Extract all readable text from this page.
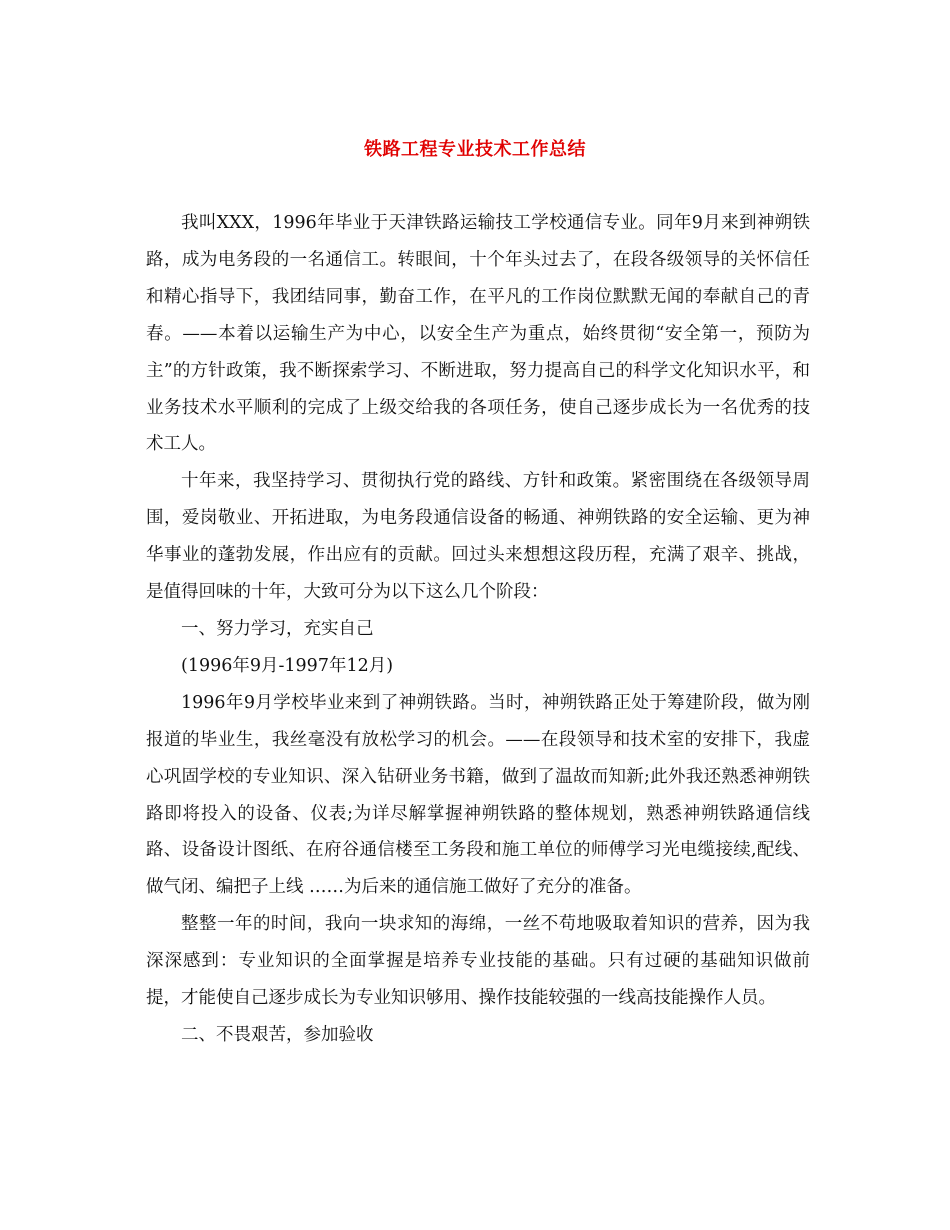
铁路工程专业技术工作总结

我叫XXX，1996年毕业于天津铁路运输技工学校通信专业。同年9月来到神朔铁路，成为电务段的一名通信工。转眼间，十个年头过去了，在段各级领导的关怀信任和精心指导下，我团结同事，勤奋工作，在平凡的工作岗位默默无闻的奉献自己的青春。——本着以运输生产为中心，以安全生产为重点，始终贯彻“安全第一，预防为主”的方针政策，我不断探索学习、不断进取，努力提高自己的科学文化知识水平，和业务技术水平顺利的完成了上级交给我的各项任务，使自己逐步成长为一名优秀的技术工人。

十年来，我坚持学习、贯彻执行党的路线、方针和政策。紧密围绕在各级领导周围，爱岗敬业、开拓进取，为电务段通信设备的畅通、神朔铁路的安全运输、更为神华事业的蓬勃发展，作出应有的贡献。回过头来想想这段历程，充满了艰辛、挑战，是值得回味的十年，大致可分为以下这么几个阶段：

一、努力学习，充实自己

(1996年9月-1997年12月)

1996年9月学校毕业来到了神朔铁路。当时，神朔铁路正处于筹建阶段，做为刚报道的毕业生，我丝毫没有放松学习的机会。——在段领导和技术室的安排下，我虚心巩固学校的专业知识、深入钻研业务书籍，做到了温故而知新;此外我还熟悉神朔铁路即将投入的设备、仪表;为详尽解掌握神朔铁路的整体规划，熟悉神朔铁路通信线路、设备设计图纸、在府谷通信楼至工务段和施工单位的师傅学习光电缆接续,配线、做气闭、编把子上线 ……为后来的通信施工做好了充分的准备。

整整一年的时间，我向一块求知的海绵，一丝不苟地吸取着知识的营养，因为我深深感到：专业知识的全面掌握是培养专业技能的基础。只有过硬的基础知识做前提，才能使自己逐步成长为专业知识够用、操作技能较强的一线高技能操作人员。

二、不畏艰苦，参加验收
